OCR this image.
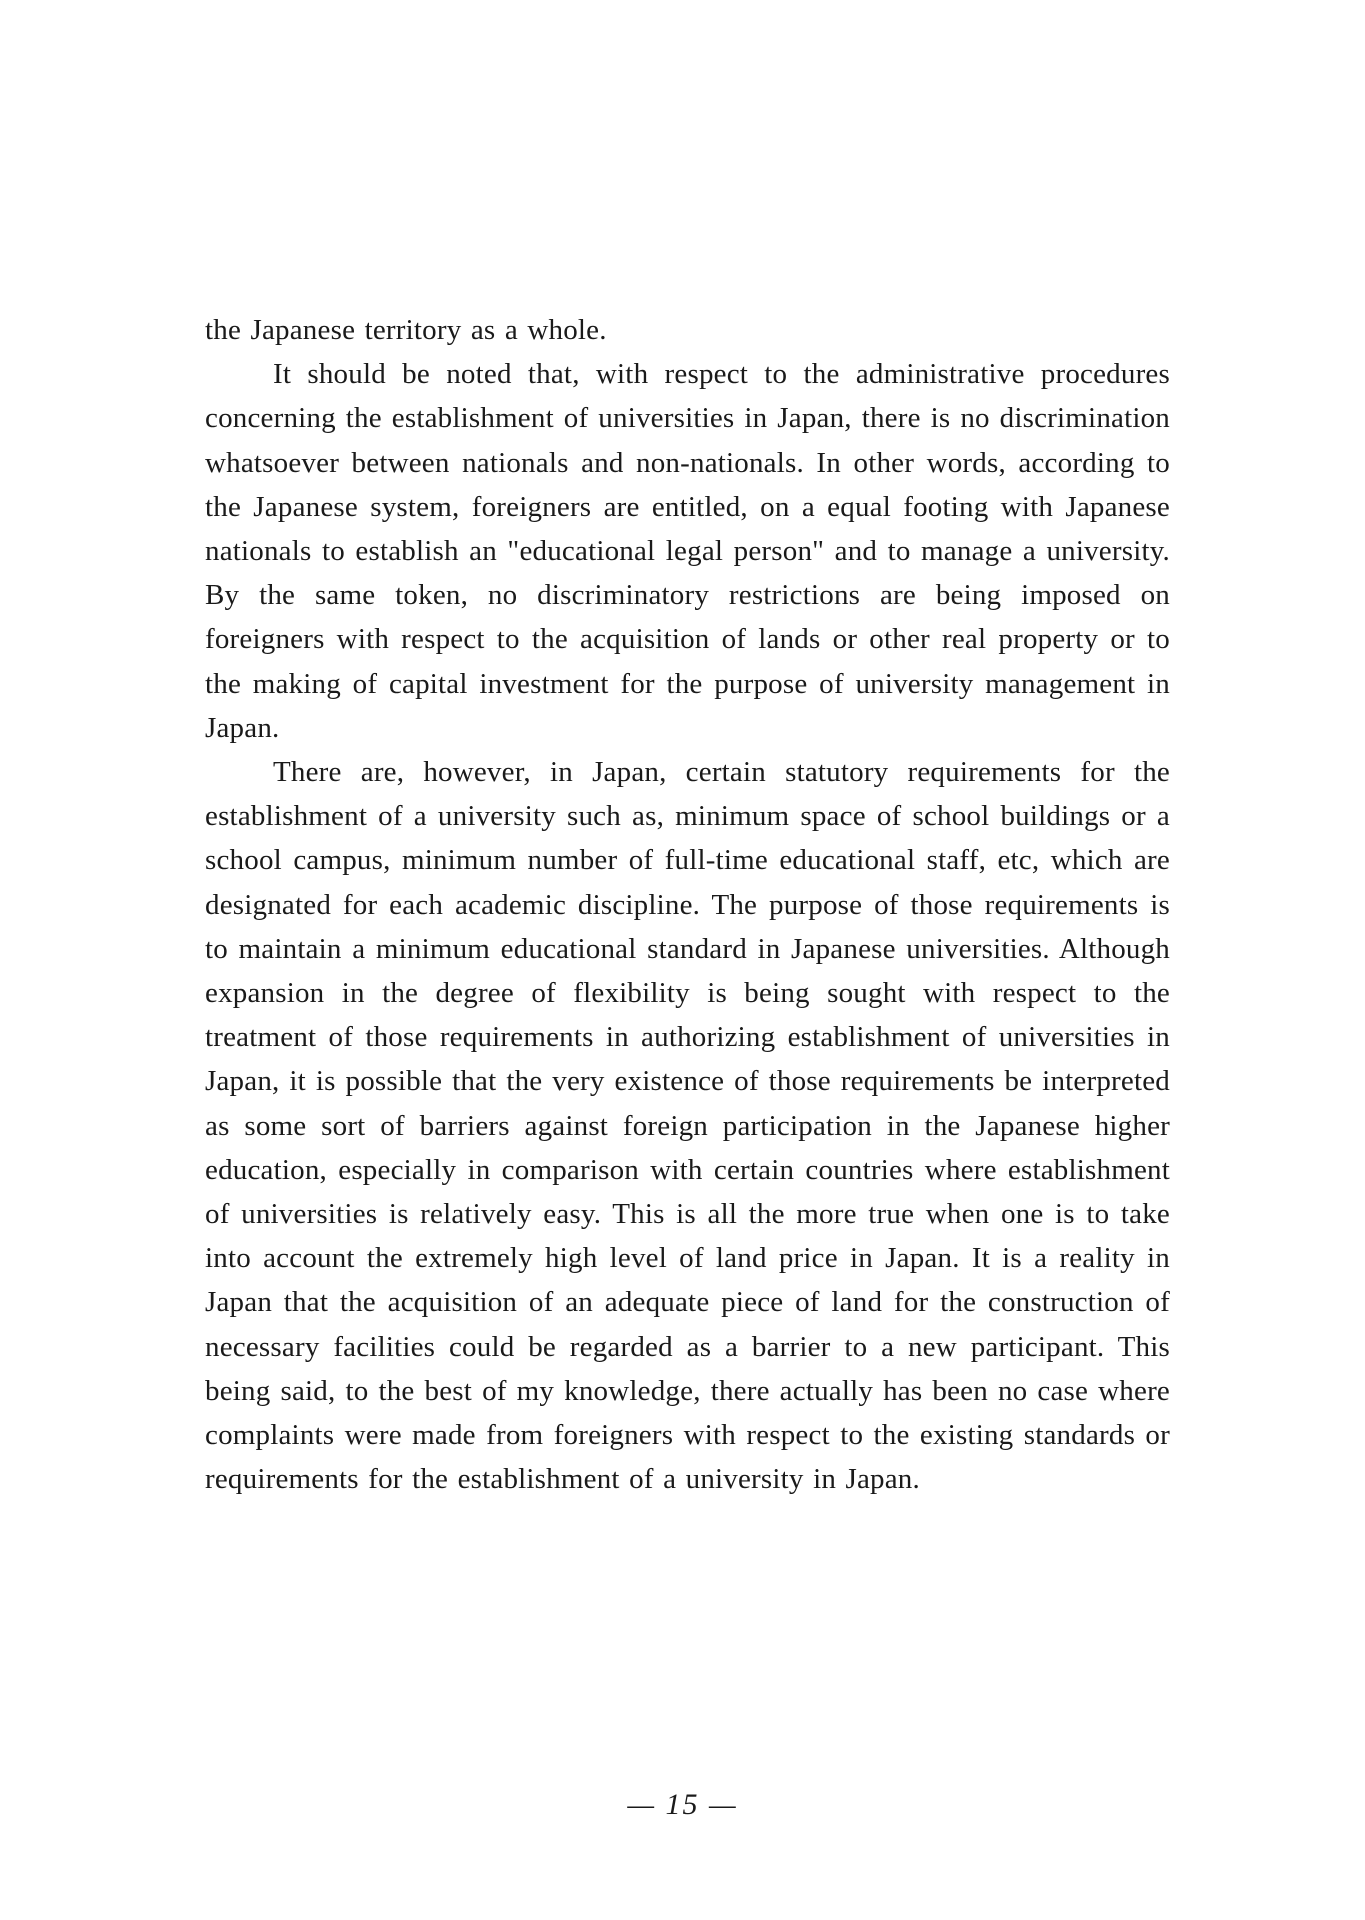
the Japanese territory as a whole.

It should be noted that, with respect to the administrative procedures concerning the establishment of universities in Japan, there is no discrimination whatsoever between nationals and non-nationals. In other words, according to the Japanese system, foreigners are entitled, on a equal footing with Japanese nationals to establish an "educational legal person" and to manage a university. By the same token, no discriminatory restrictions are being imposed on foreigners with respect to the acquisition of lands or other real property or to the making of capital investment for the purpose of university management in Japan.

There are, however, in Japan, certain statutory requirements for the establishment of a university such as, minimum space of school buildings or a school campus, minimum number of full-time educational staff, etc, which are designated for each academic discipline. The purpose of those requirements is to maintain a minimum educational standard in Japanese universities. Although expansion in the degree of flexibility is being sought with respect to the treatment of those requirements in authorizing establishment of universities in Japan, it is possible that the very existence of those requirements be interpreted as some sort of barriers against foreign participation in the Japanese higher education, especially in comparison with certain countries where establishment of universities is relatively easy. This is all the more true when one is to take into account the extremely high level of land price in Japan. It is a reality in Japan that the acquisition of an adequate piece of land for the construction of necessary facilities could be regarded as a barrier to a new participant. This being said, to the best of my knowledge, there actually has been no case where complaints were made from foreigners with respect to the existing standards or requirements for the establishment of a university in Japan.

— 15 —
